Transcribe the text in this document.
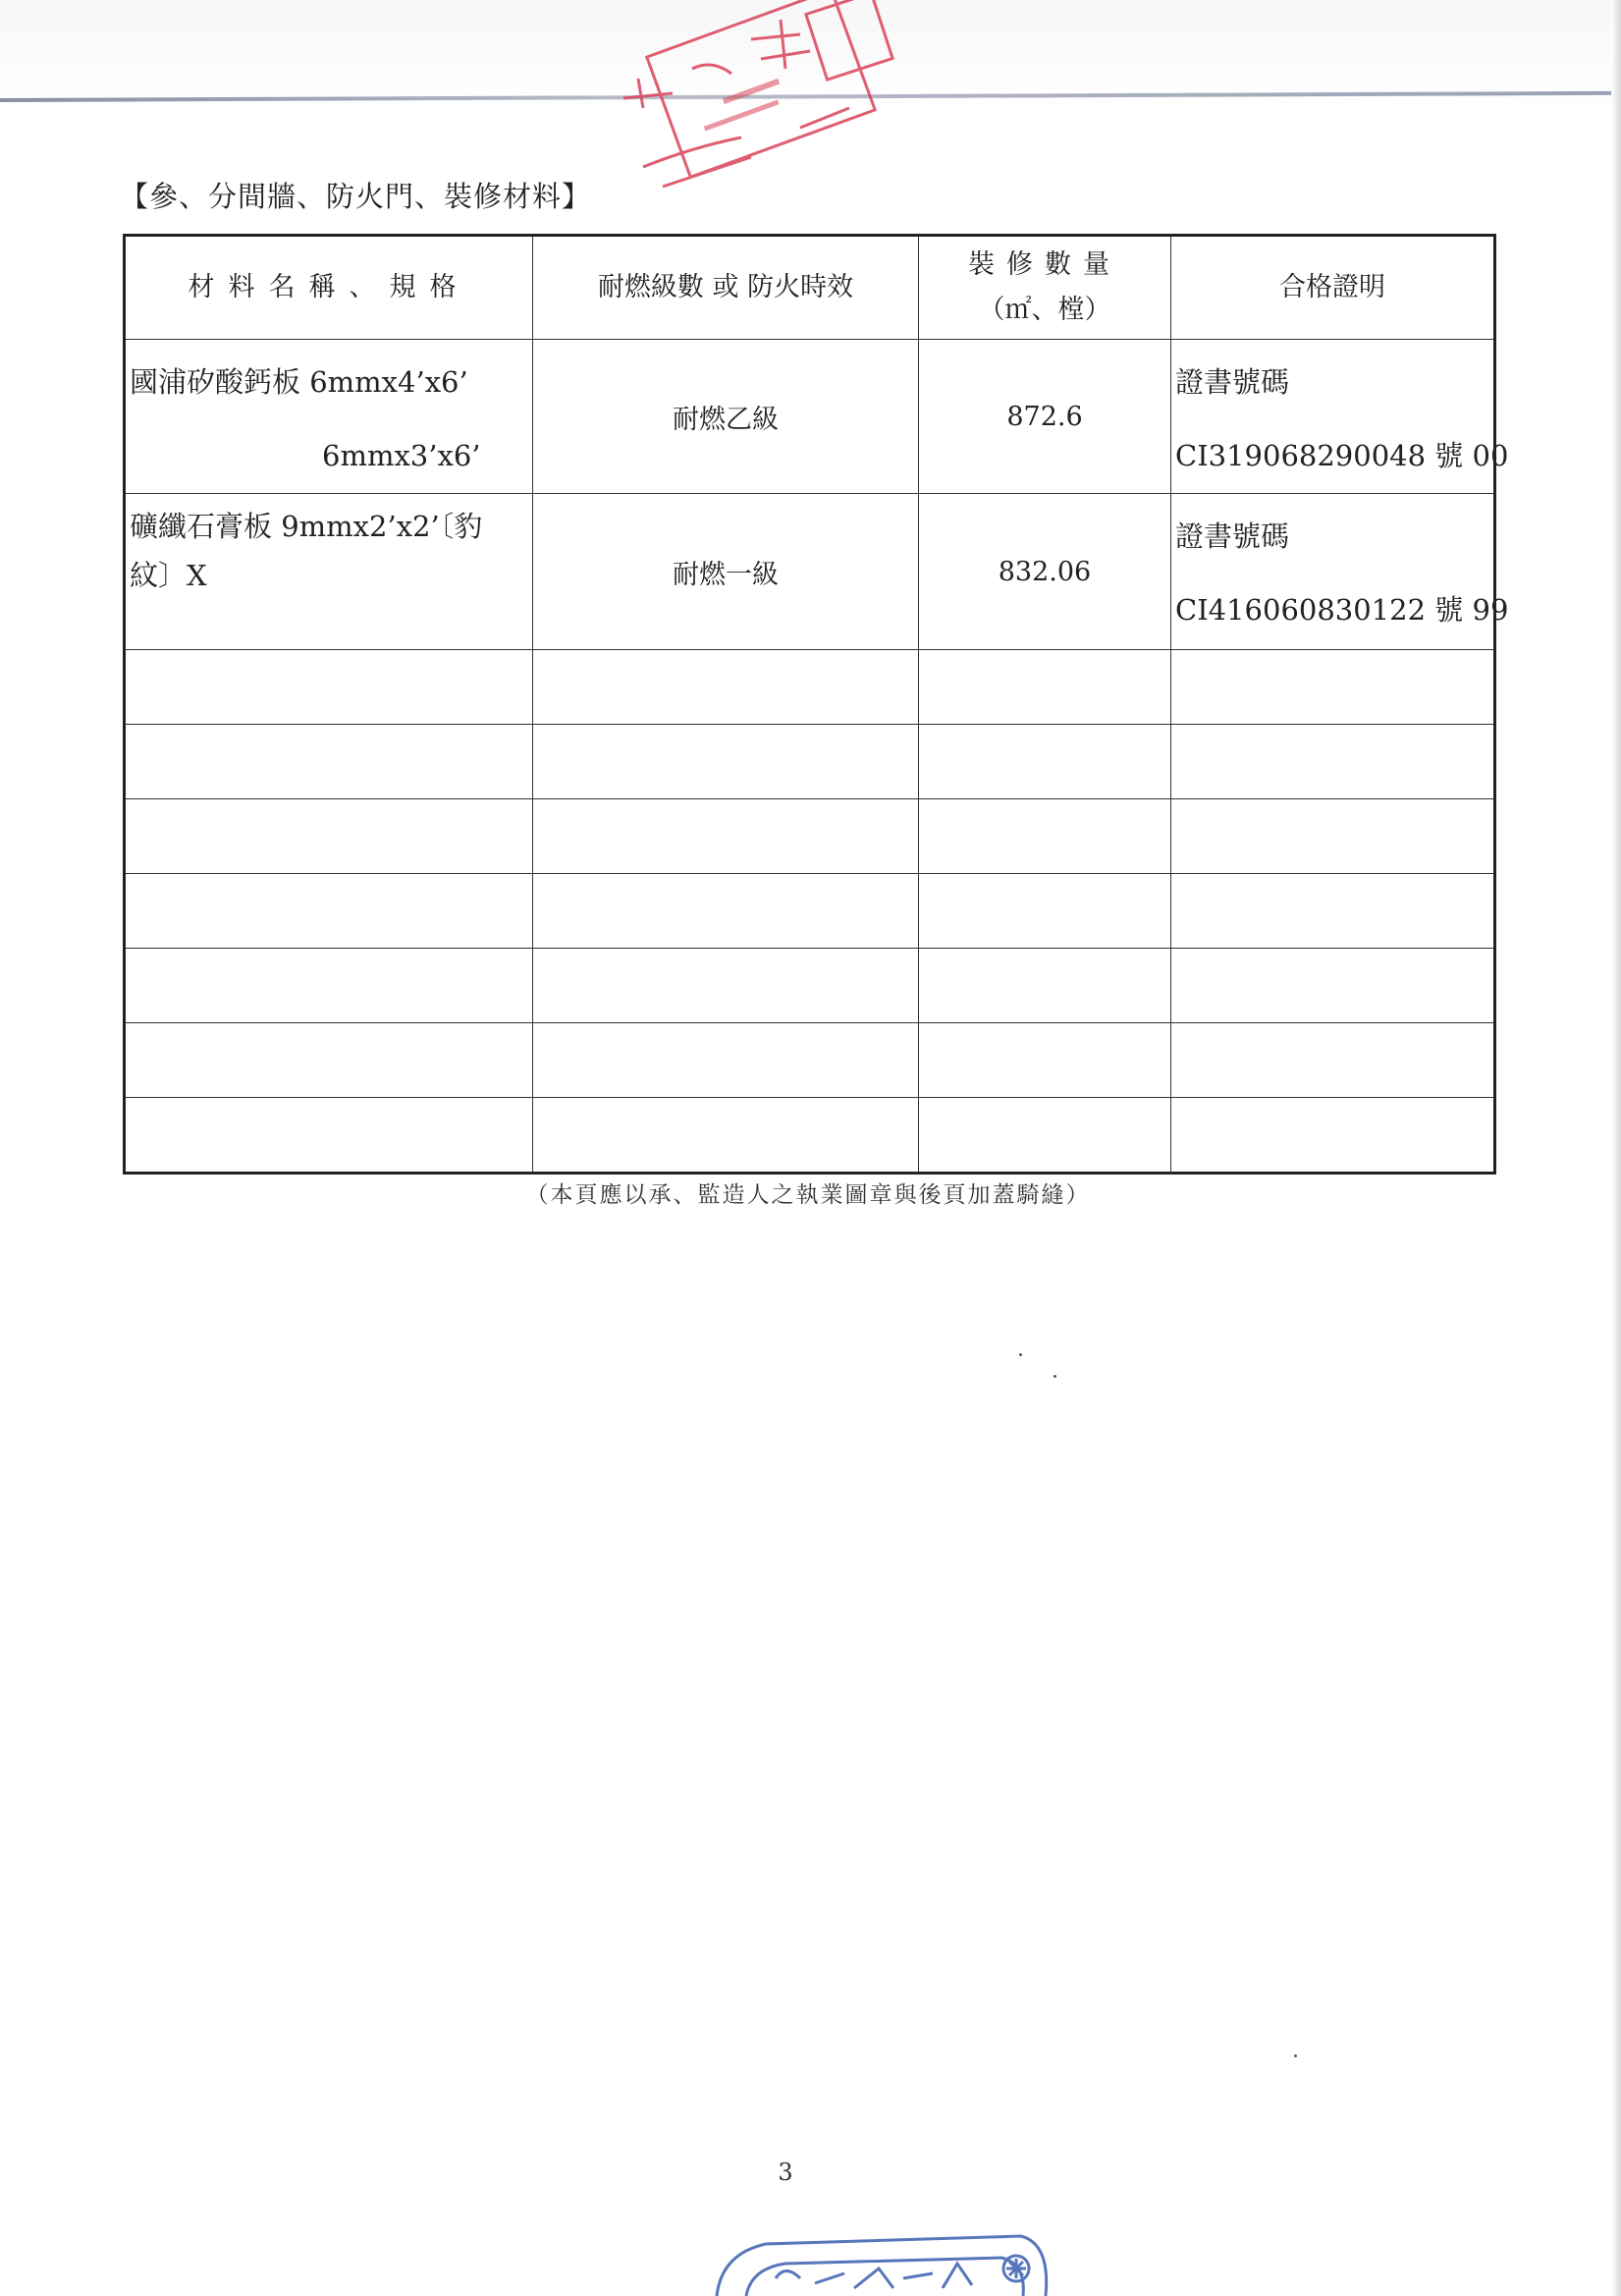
【參、分間牆、防火門、裝修材料】
材料名稱、規格	耐燃級數 或 防火時效	裝修數量
（㎡、樘）	合格證明
國浦矽酸鈣板 6mmx4’x6’
6mmx3’x6’	耐燃乙級	872.6	證書號碼
CI319068290048 號 00

礦纖石膏板 9mmx2’x2’〔豹
紋〕X	耐燃一級	832.06	證書號碼
CI416060830122 號 99

（本頁應以承、監造人之執業圖章與後頁加蓋騎縫）
3
